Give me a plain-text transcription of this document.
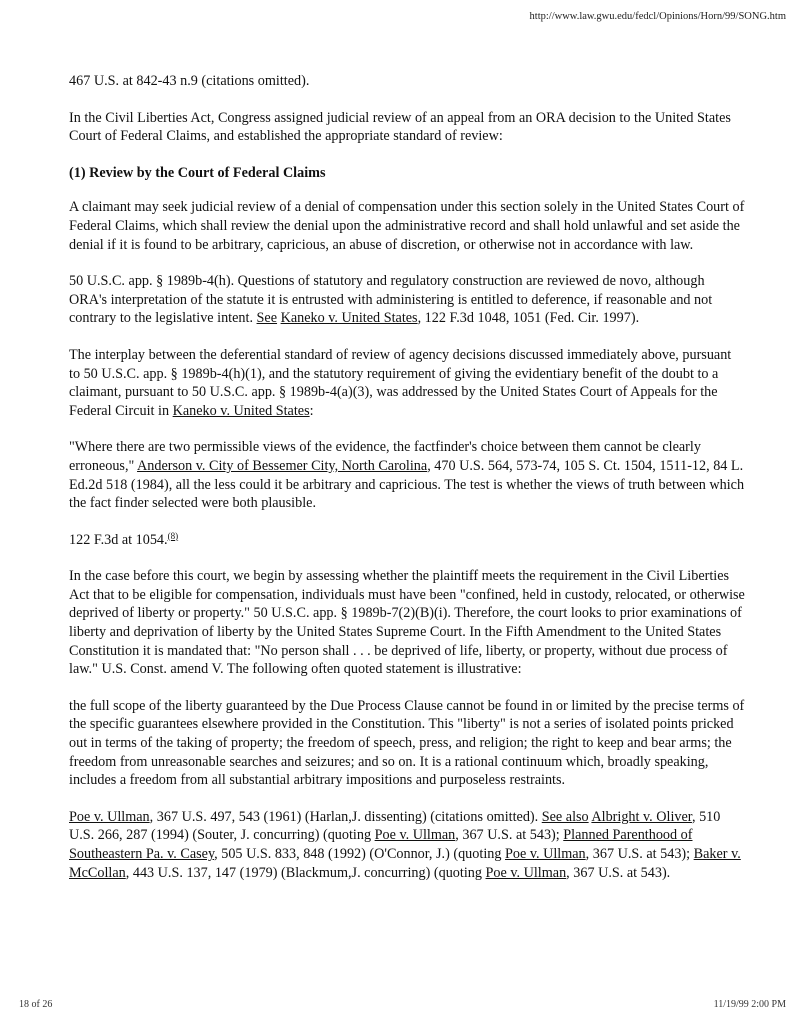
http://www.law.gwu.edu/fedcl/Opinions/Horn/99/SONG.htm

467 U.S. at 842-43 n.9 (citations omitted).

In the Civil Liberties Act, Congress assigned judicial review of an appeal from an ORA decision to the United States Court of Federal Claims, and established the appropriate standard of review:

(1) Review by the Court of Federal Claims

A claimant may seek judicial review of a denial of compensation under this section solely in the United States Court of Federal Claims, which shall review the denial upon the administrative record and shall hold unlawful and set aside the denial if it is found to be arbitrary, capricious, an abuse of discretion, or otherwise not in accordance with law.

50 U.S.C. app. § 1989b-4(h). Questions of statutory and regulatory construction are reviewed de novo, although ORA's interpretation of the statute it is entrusted with administering is entitled to deference, if reasonable and not contrary to the legislative intent. See Kaneko v. United States, 122 F.3d 1048, 1051 (Fed. Cir. 1997).

The interplay between the deferential standard of review of agency decisions discussed immediately above, pursuant to 50 U.S.C. app. § 1989b-4(h)(1), and the statutory requirement of giving the evidentiary benefit of the doubt to a claimant, pursuant to 50 U.S.C. app. § 1989b-4(a)(3), was addressed by the United States Court of Appeals for the Federal Circuit in Kaneko v. United States:

"Where there are two permissible views of the evidence, the factfinder's choice between them cannot be clearly erroneous," Anderson v. City of Bessemer City, North Carolina, 470 U.S. 564, 573-74, 105 S. Ct. 1504, 1511-12, 84 L. Ed.2d 518 (1984), all the less could it be arbitrary and capricious. The test is whether the views of truth between which the fact finder selected were both plausible.

122 F.3d at 1054.$^{(8)}$

In the case before this court, we begin by assessing whether the plaintiff meets the requirement in the Civil Liberties Act that to be eligible for compensation, individuals must have been "confined, held in custody, relocated, or otherwise deprived of liberty or property." 50 U.S.C. app. § 1989b-7(2)(B)(i). Therefore, the court looks to prior examinations of liberty and deprivation of liberty by the United States Supreme Court. In the Fifth Amendment to the United States Constitution it is mandated that: "No person shall . . . be deprived of life, liberty, or property, without due process of law." U.S. Const. amend V. The following often quoted statement is illustrative:

the full scope of the liberty guaranteed by the Due Process Clause cannot be found in or limited by the precise terms of the specific guarantees elsewhere provided in the Constitution. This "liberty" is not a series of isolated points pricked out in terms of the taking of property; the freedom of speech, press, and religion; the right to keep and bear arms; the freedom from unreasonable searches and seizures; and so on. It is a rational continuum which, broadly speaking, includes a freedom from all substantial arbitrary impositions and purposeless restraints.

Poe v. Ullman, 367 U.S. 497, 543 (1961) (Harlan,J. dissenting) (citations omitted). See also Albright v. Oliver, 510 U.S. 266, 287 (1994) (Souter, J. concurring) (quoting Poe v. Ullman, 367 U.S. at 543); Planned Parenthood of Southeastern Pa. v. Casey, 505 U.S. 833, 848 (1992) (O'Connor, J.) (quoting Poe v. Ullman, 367 U.S. at 543); Baker v. McCollan, 443 U.S. 137, 147 (1979) (Blackmum,J. concurring) (quoting Poe v. Ullman, 367 U.S. at 543).

18 of 26	11/19/99 2:00 PM
